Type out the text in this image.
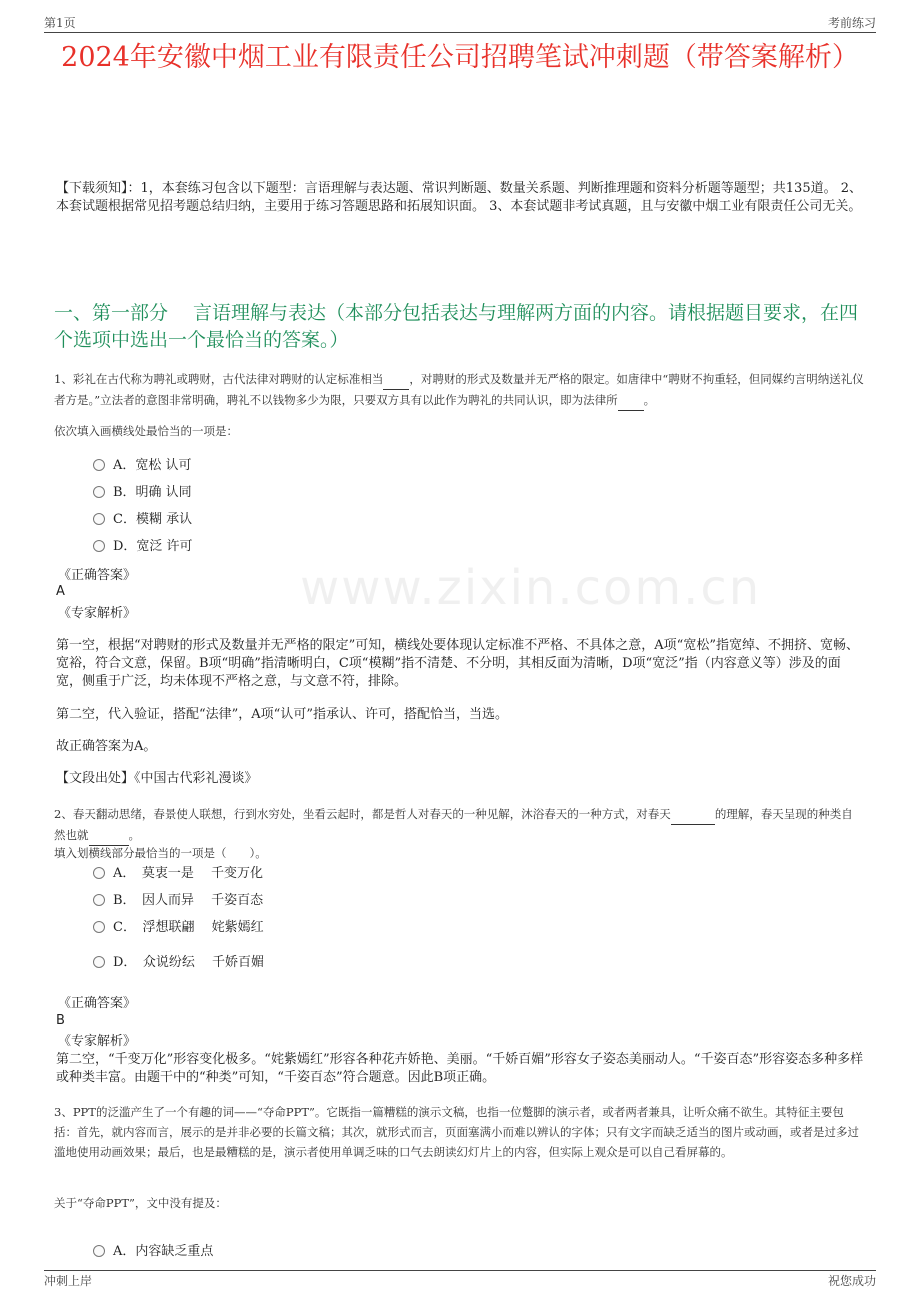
第1页	考前练习
2024年安徽中烟工业有限责任公司招聘笔试冲刺题（带答案解析）
【下载须知】：1，本套练习包含以下题型：言语理解与表达题、常识判断题、数量关系题、判断推理题和资料分析题等题型；共135道。 2、本套试题根据常见招考题总结归纳，主要用于练习答题思路和拓展知识面。 3、本套试题非考试真题，且与安徽中烟工业有限责任公司无关。
一、第一部分　 言语理解与表达（本部分包括表达与理解两方面的内容。请根据题目要求，在四个选项中选出一个最恰当的答案。）
www.zixin.com.cn
1、彩礼在古代称为聘礼或聘财，古代法律对聘财的认定标准相当 ，对聘财的形式及数量并无严格的限定。如唐律中“聘财不拘重轻，但同媒约言明纳送礼仪者方是。”立法者的意图非常明确，聘礼不以钱物多少为限，只要双方具有以此作为聘礼的共同认识，即为法律所 。
依次填入画横线处最恰当的一项是：
A．宽松 认可
B．明确 认同
C．模糊 承认
D．宽泛 许可
《正确答案》
A
《专家解析》
第一空，根据“对聘财的形式及数量并无严格的限定”可知，横线处要体现认定标准不严格、不具体之意，A项“宽松”指宽绰、不拥挤、宽畅、宽裕，符合文意，保留。B项“明确”指清晰明白，C项“模糊”指不清楚、不分明，其相反面为清晰，D项“宽泛”指（内容意义等）涉及的面宽，侧重于广泛，均未体现不严格之意，与文意不符，排除。
第二空，代入验证，搭配“法律”，A项“认可”指承认、许可，搭配恰当，当选。
故正确答案为A。
【文段出处】《中国古代彩礼漫谈》
2、春天翻动思绪，春景使人联想，行到水穷处，坐看云起时，都是哲人对春天的一种见解，沐浴春天的一种方式，对春天	的理解，春天呈现的种类自然也就	。
填入划横线部分最恰当的一项是（　　）。
A．　莫衷一是　 千变万化
B．　因人而异　 千姿百态
C．　浮想联翩　 姹紫嫣红
D．　众说纷纭　 千娇百媚
《正确答案》
B
《专家解析》
第二空，“千变万化”形容变化极多。“姹紫嫣红”形容各种花卉娇艳、美丽。“千娇百媚”形容女子姿态美丽动人。“千姿百态”形容姿态多种多样或种类丰富。由题干中的“种类”可知，“千姿百态”符合题意。因此B项正确。
3、PPT的泛滥产生了一个有趣的词——“夺命PPT”。它既指一篇糟糕的演示文稿，也指一位蹩脚的演示者，或者两者兼具，让听众痛不欲生。其特征主要包括：首先，就内容而言，展示的是并非必要的长篇文稿；其次，就形式而言，页面塞满小而难以辨认的字体；只有文字而缺乏适当的图片或动画，或者是过多过滥地使用动画效果；最后，也是最糟糕的是，演示者使用单调乏味的口气去朗读幻灯片上的内容，但实际上观众是可以自己看屏幕的。
关于“夺命PPT”，文中没有提及：
A．内容缺乏重点
冲刺上岸	祝您成功
